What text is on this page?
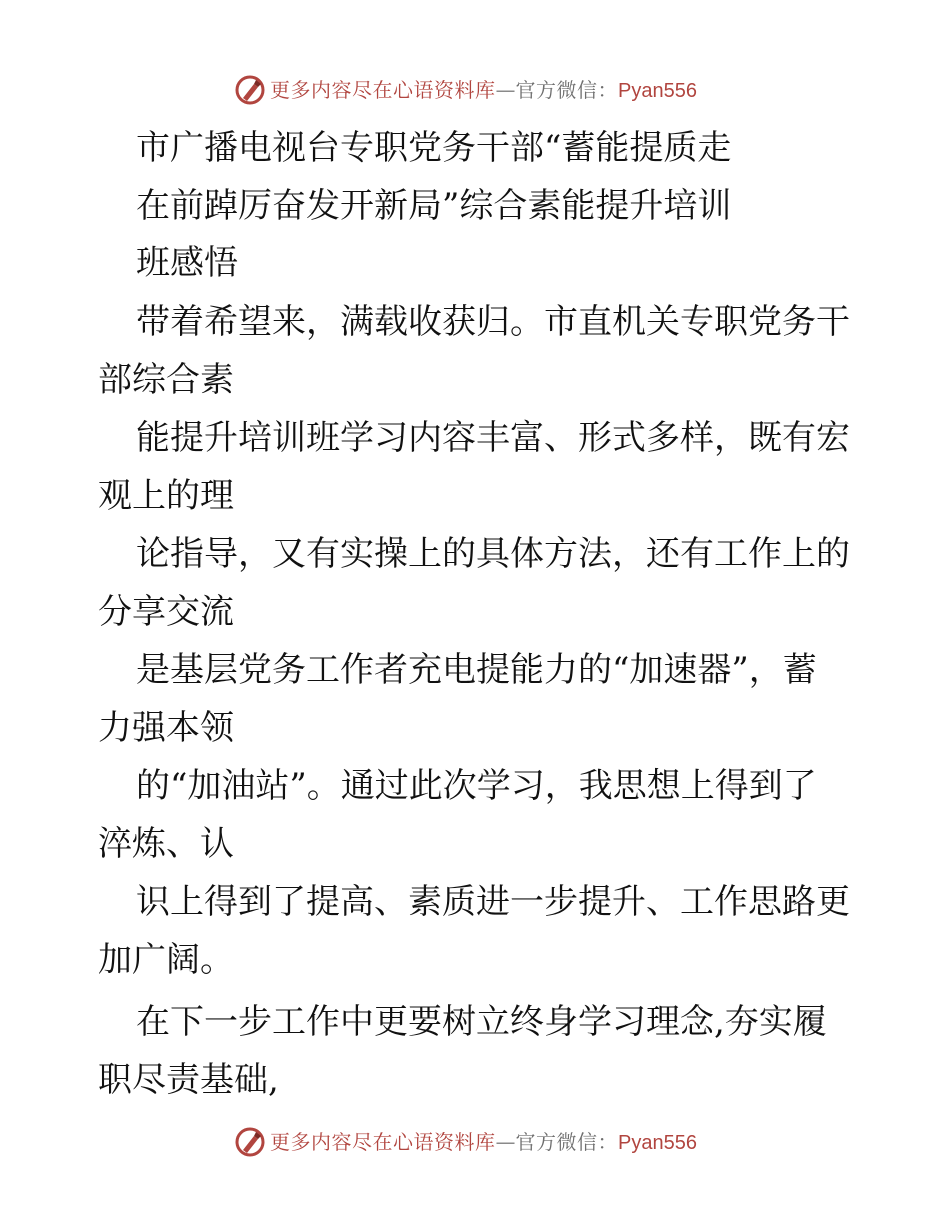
更多内容尽在心语资料库—官方微信：Pyan556
市广播电视台专职党务干部“蓄能提质走
在前踔厉奋发开新局”综合素能提升培训
班感悟
带着希望来，满载收获归。市直机关专职党务干
部综合素
能提升培训班学习内容丰富、形式多样，既有宏
观上的理
论指导，又有实操上的具体方法，还有工作上的
分享交流
是基层党务工作者充电提能力的“加速器”，蓄
力强本领
的“加油站”。通过此次学习，我思想上得到了
淬炼、认
识上得到了提高、素质进一步提升、工作思路更
加广阔。
在下一步工作中更要树立终身学习理念,夯实履
职尽责基础,
更多内容尽在心语资料库—官方微信：Pyan556
